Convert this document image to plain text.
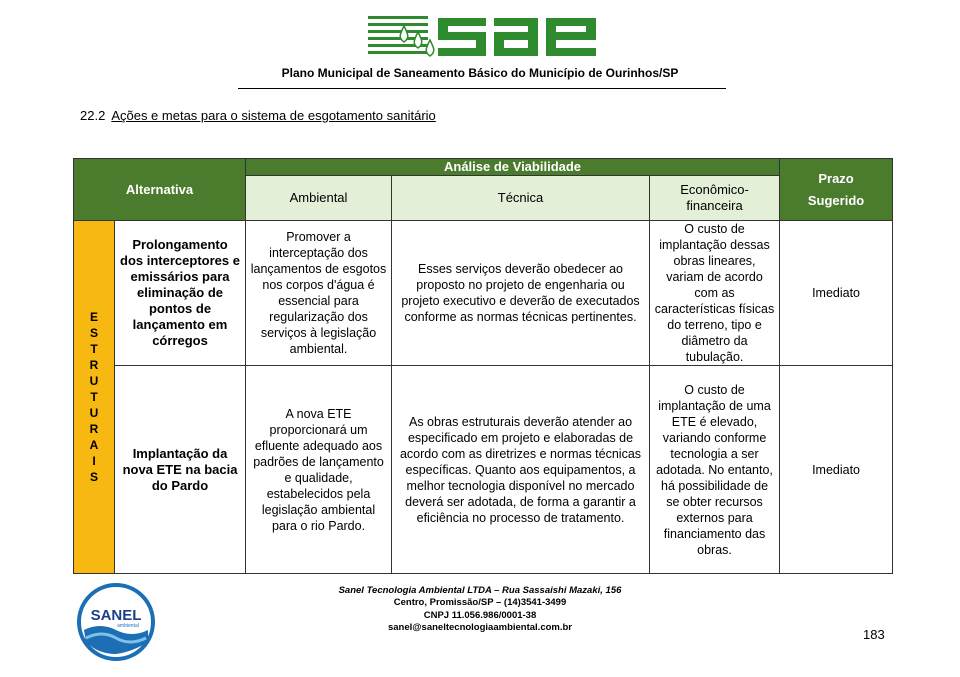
Plano Municipal de Saneamento Básico do Município de Ourinhos/SP
22.2 Ações e metas para o sistema de esgotamento sanitário
Alternativa		Análise de Viabilidade			Prazo Sugerido
		Ambiental	Técnica	Econômico-financeira	

ESTRUTURAIS	Prolongamento dos interceptores e emissários para eliminação de pontos de lançamento em córregos	Promover a interceptação dos lançamentos de esgotos nos corpos d'água é essencial para regularização dos serviços à legislação ambiental.	Esses serviços deverão obedecer ao proposto no projeto de engenharia ou projeto executivo e deverão de executados conforme as normas técnicas pertinentes.	O custo de implantação dessas obras lineares, variam de acordo com as características físicas do terreno, tipo e diâmetro da tubulação.	Imediato
	Implantação da nova ETE na bacia do Pardo	A nova ETE proporcionará um efluente adequado aos padrões de lançamento e qualidade, estabelecidos pela legislação ambiental para o rio Pardo.	As obras estruturais deverão atender ao especificado em projeto e elaboradas de acordo com as diretrizes e normas técnicas específicas. Quanto aos equipamentos, a melhor tecnologia disponível no mercado deverá ser adotada, de forma a garantir a eficiência no processo de tratamento.	O custo de implantação de uma ETE é elevado, variando conforme tecnologia a ser adotada. No entanto, há possibilidade de se obter recursos externos para financiamento das obras.	Imediato
SANEL
ambiental
Sanel Tecnologia Ambiental LTDA – Rua Sassaishi Mazaki, 156
Centro, Promissão/SP – (14)3541-3499
CNPJ 11.056.986/0001-38
sanel@saneltecnologiaambiental.com.br	183
